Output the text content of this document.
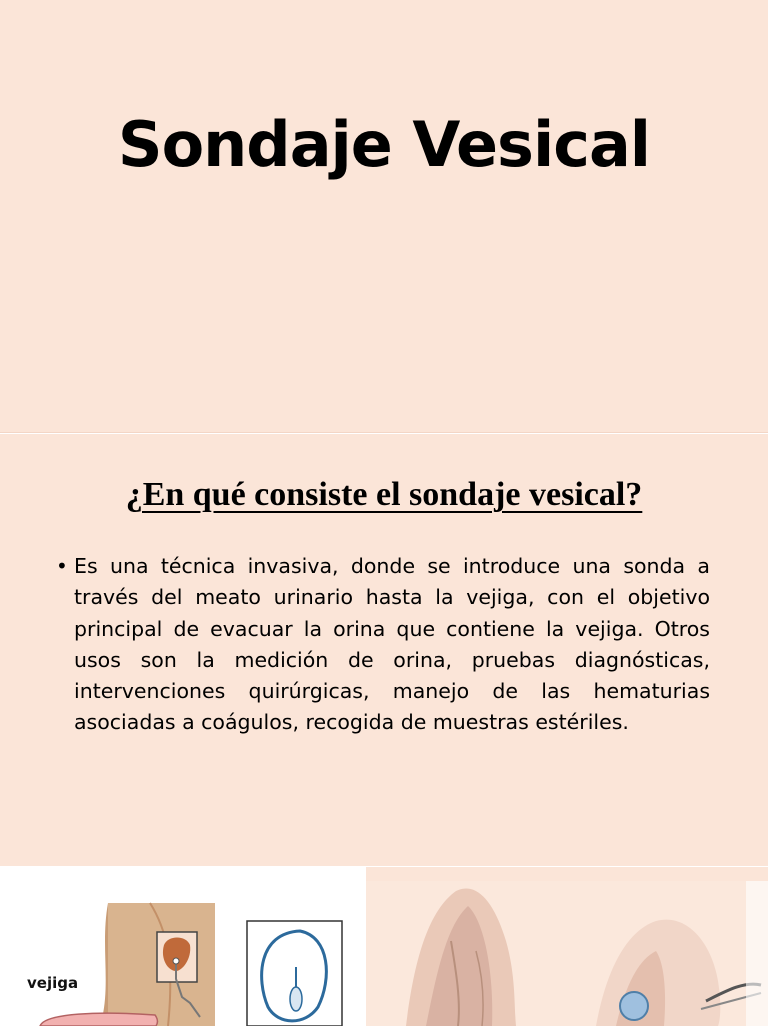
Sondaje Vesical
¿En qué consiste el sondaje vesical?
• Es una técnica invasiva, donde se introduce una sonda a través del meato urinario hasta la vejiga, con el objetivo principal de evacuar la orina que contiene la vejiga. Otros usos son la medición de orina, pruebas diagnósticas, intervenciones quirúrgicas, manejo de las hematurias asociadas a coágulos, recogida de muestras estériles.
vejiga
